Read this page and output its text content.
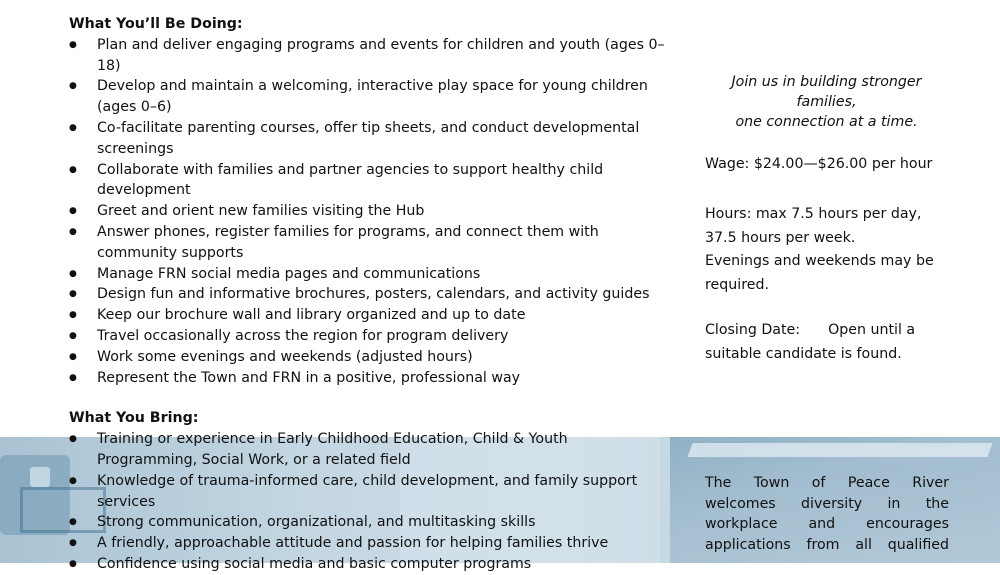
What You’ll Be Doing:
● Plan and deliver engaging programs and events for children and youth (ages 0–18)
● Develop and maintain a welcoming, interactive play space for young children (ages 0–6)
● Co-facilitate parenting courses, offer tip sheets, and conduct developmental screenings
● Collaborate with families and partner agencies to support healthy child development
● Greet and orient new families visiting the Hub
● Answer phones, register families for programs, and connect them with community supports
● Manage FRN social media pages and communications
● Design fun and informative brochures, posters, calendars, and activity guides
● Keep our brochure wall and library organized and up to date
● Travel occasionally across the region for program delivery
● Work some evenings and weekends (adjusted hours)
● Represent the Town and FRN in a positive, professional way
What You Bring:
● Training or experience in Early Childhood Education, Child & Youth Programming, Social Work, or a related field
● Knowledge of trauma-informed care, child development, and family support services
● Strong communication, organizational, and multitasking skills
● A friendly, approachable attitude and passion for helping families thrive
● Confidence using social media and basic computer programs
Join us in building stronger families,
one connection at a time.
Wage: $24.00—$26.00 per hour
Hours: max 7.5 hours per day,
37.5 hours per week.
Evenings and weekends may be required.
Closing Date: Open until a
suitable candidate is found.
The Town of Peace River welcomes diversity in the workplace and encourages applications from all qualified
